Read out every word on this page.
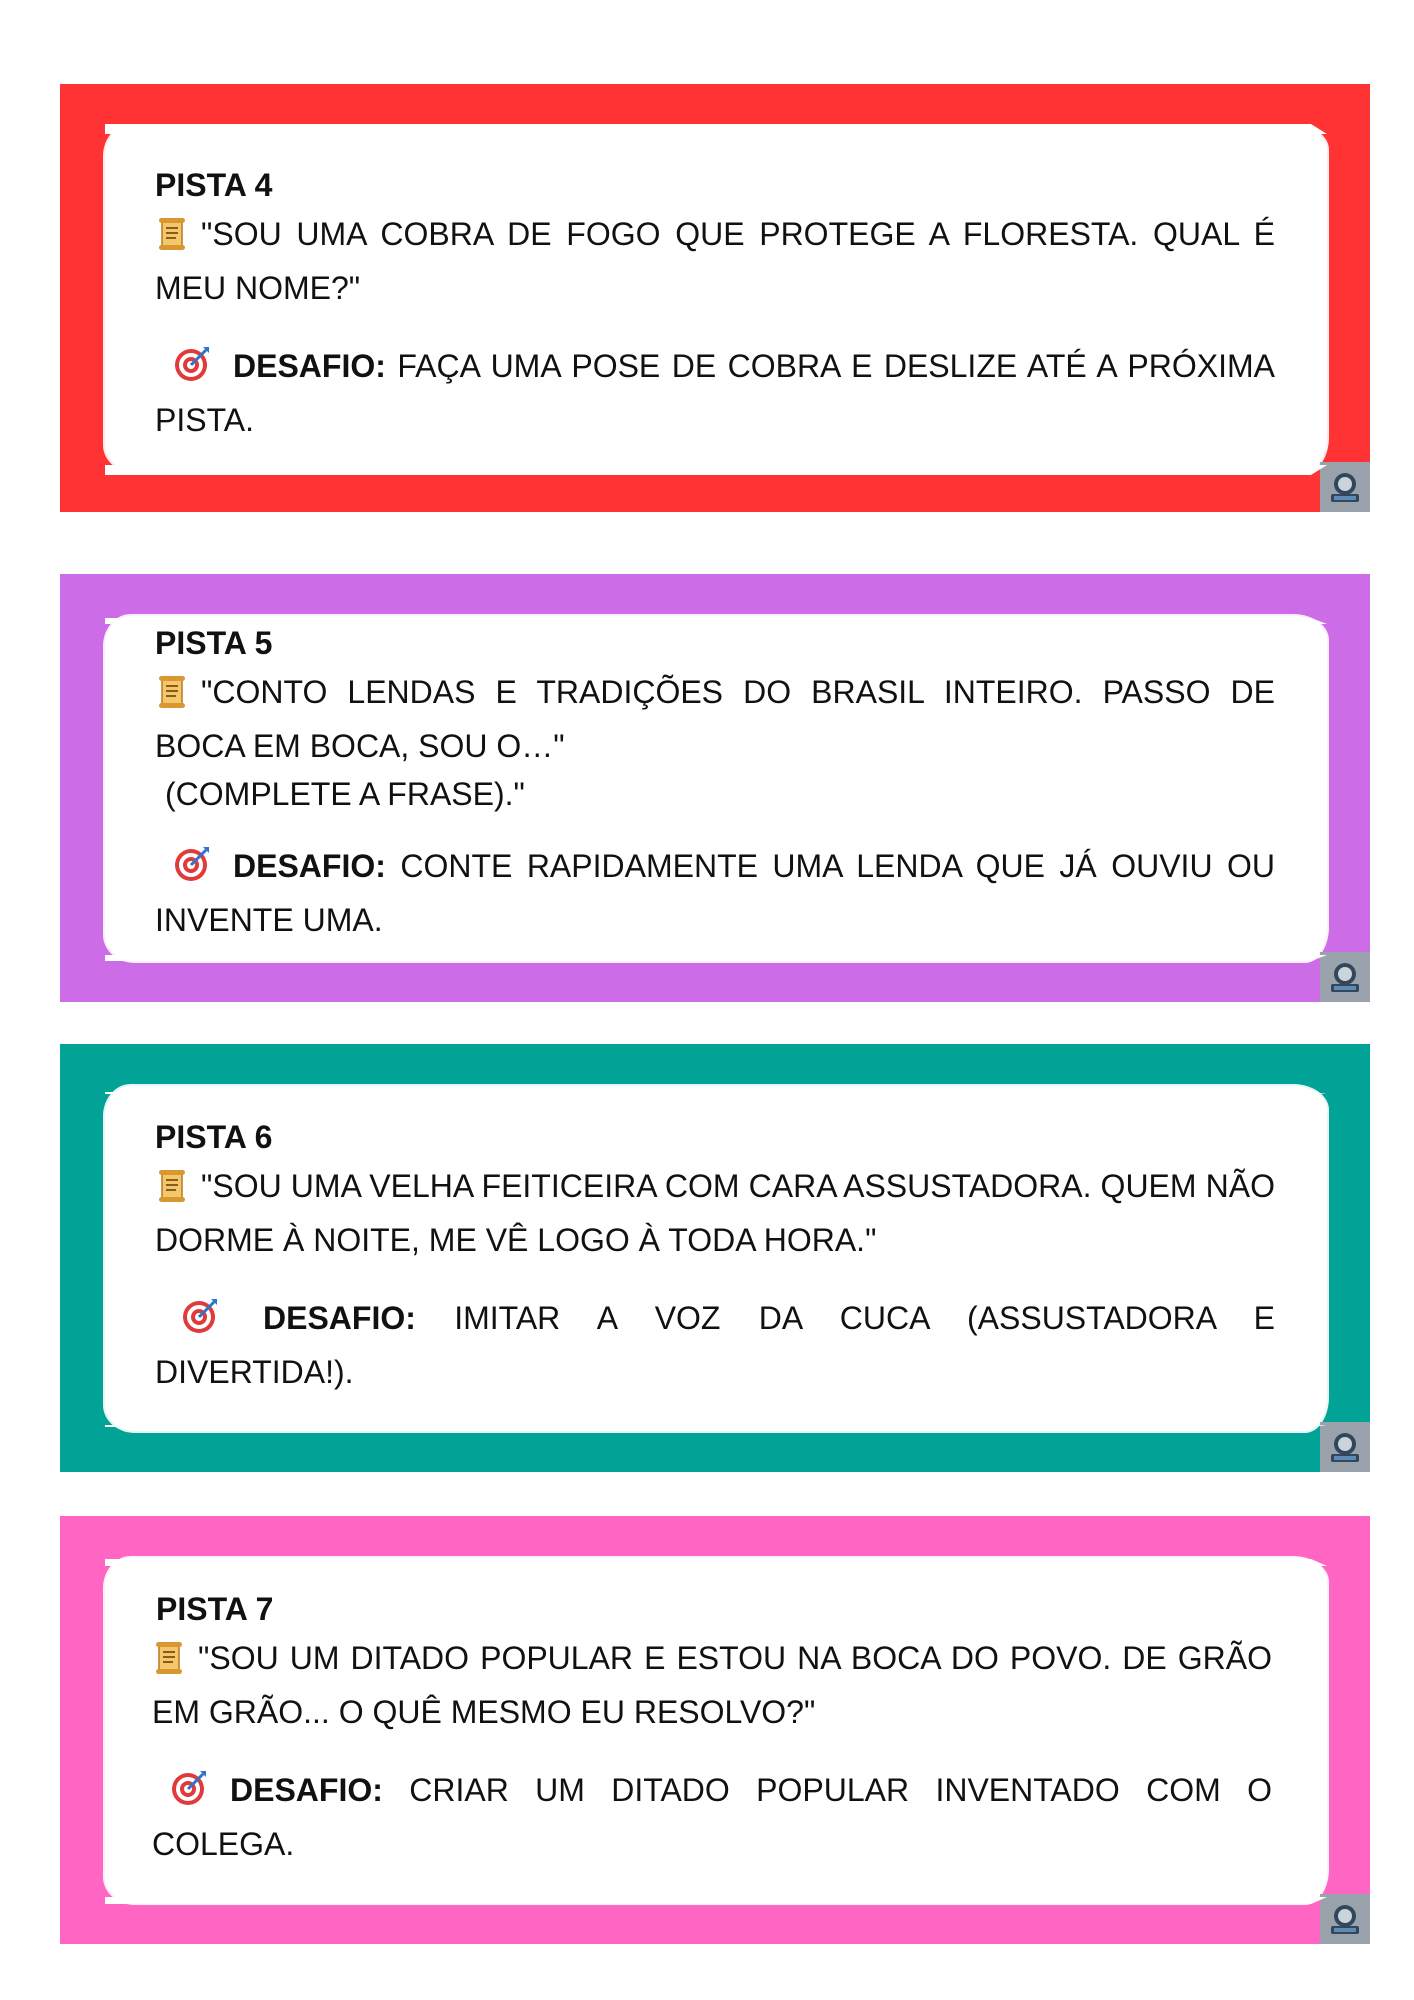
PISTA 4
"SOU UMA COBRA DE FOGO QUE PROTEGE A FLORESTA. QUAL É MEU NOME?"
DESAFIO: FAÇA UMA POSE DE COBRA E DESLIZE ATÉ A PRÓXIMA PISTA.
PISTA 5
"CONTO LENDAS E TRADIÇÕES DO BRASIL INTEIRO. PASSO DE BOCA EM BOCA, SOU O…"
(COMPLETE A FRASE)."
DESAFIO: CONTE RAPIDAMENTE UMA LENDA QUE JÁ OUVIU OU INVENTE UMA.
PISTA 6
"SOU UMA VELHA FEITICEIRA COM CARA ASSUSTADORA. QUEM NÃO DORME À NOITE, ME VÊ LOGO À TODA HORA."
DESAFIO: IMITAR A VOZ DA CUCA (ASSUSTADORA E DIVERTIDA!).
PISTA 7
"SOU UM DITADO POPULAR E ESTOU NA BOCA DO POVO. DE GRÃO EM GRÃO... O QUÊ MESMO EU RESOLVO?"
DESAFIO: CRIAR UM DITADO POPULAR INVENTADO COM O COLEGA.
